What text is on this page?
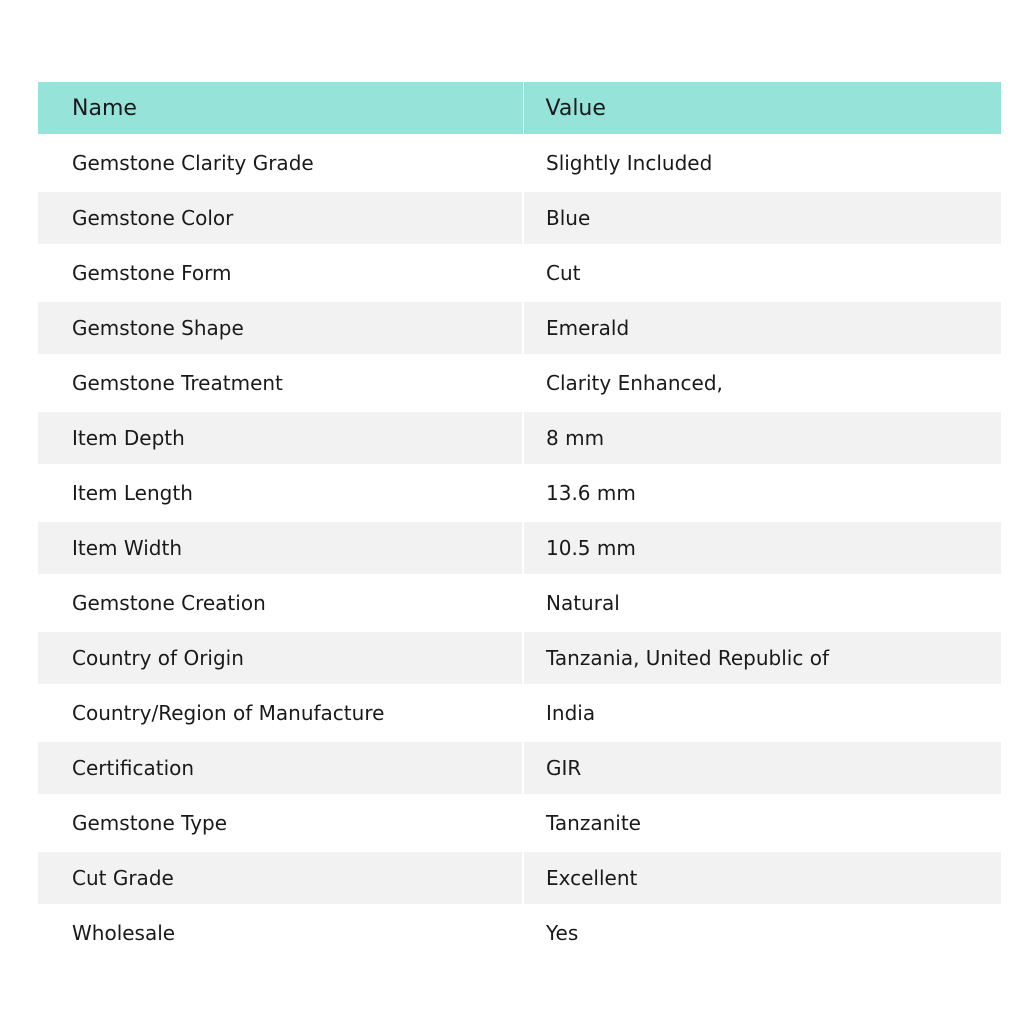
Name	Value
Gemstone Clarity Grade	Slightly Included
Gemstone Color	Blue
Gemstone Form	Cut
Gemstone Shape	Emerald
Gemstone Treatment	Clarity Enhanced,
Item Depth	8 mm
Item Length	13.6 mm
Item Width	10.5 mm
Gemstone Creation	Natural
Country of Origin	Tanzania, United Republic of
Country/Region of Manufacture	India
Certification	GIR
Gemstone Type	Tanzanite
Cut Grade	Excellent
Wholesale	Yes
